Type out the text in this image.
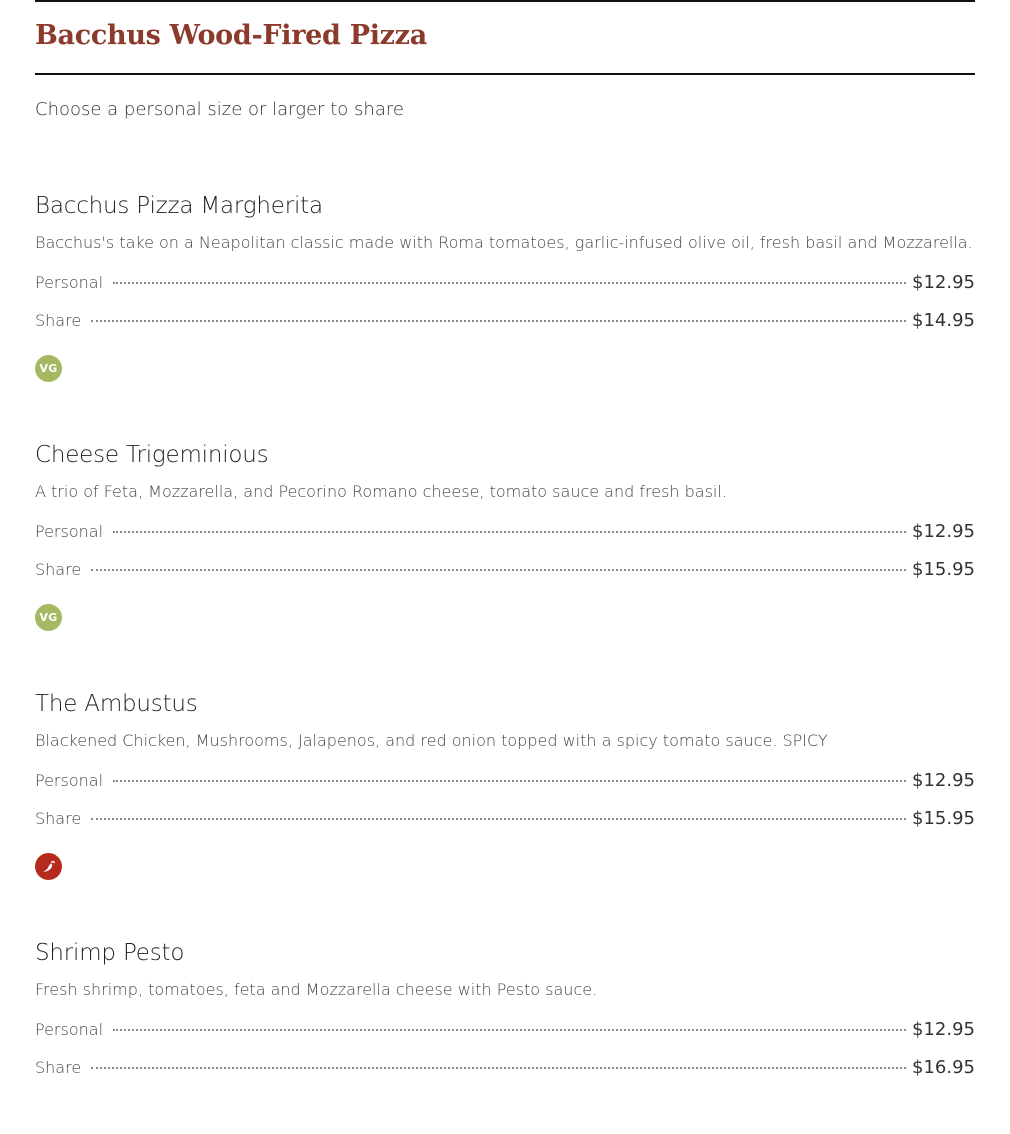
Bacchus Wood-Fired Pizza

Choose a personal size or larger to share

Bacchus Pizza Margherita

Bacchus's take on a Neapolitan classic made with Roma tomatoes, garlic-infused olive oil, fresh basil and Mozzarella.

Personal	$12.95
Share	$14.95
VG
Cheese Trigeminious

A trio of Feta, Mozzarella, and Pecorino Romano cheese, tomato sauce and fresh basil.

Personal	$12.95
Share	$15.95
VG
The Ambustus

Blackened Chicken, Mushrooms, Jalapenos, and red onion topped with a spicy tomato sauce. SPICY

Personal	$12.95
Share	$15.95
Shrimp Pesto

Fresh shrimp, tomatoes, feta and Mozzarella cheese with Pesto sauce.

Personal	$12.95
Share	$16.95
